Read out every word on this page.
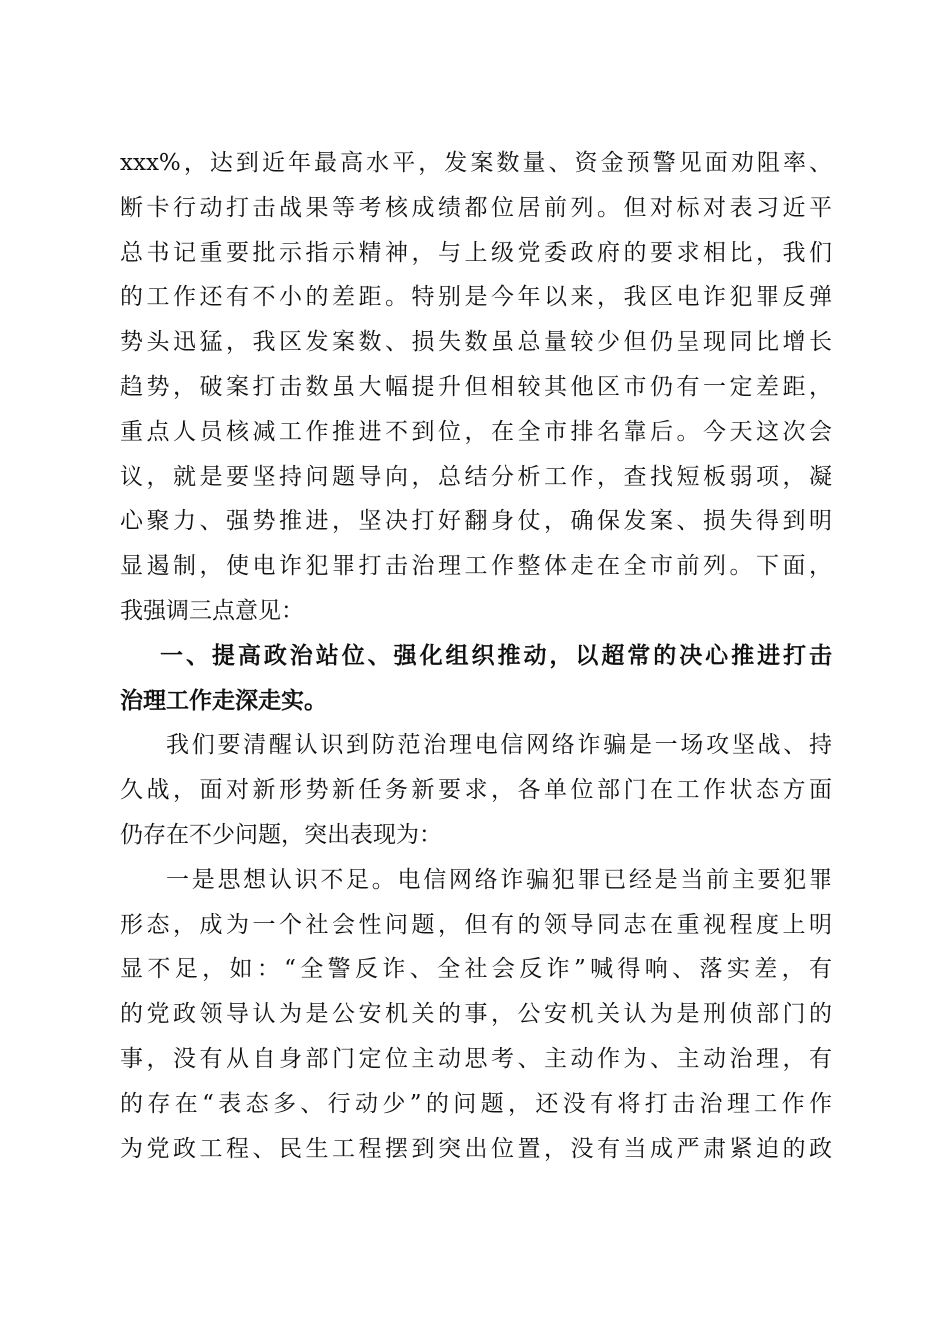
xxx%，达到近年最高水平，发案数量、资金预警见面劝阻率、
断卡行动打击战果等考核成绩都位居前列。但对标对表习近平
总书记重要批示指示精神，与上级党委政府的要求相比，我们
的工作还有不小的差距。特别是今年以来，我区电诈犯罪反弹
势头迅猛，我区发案数、损失数虽总量较少但仍呈现同比增长
趋势，破案打击数虽大幅提升但相较其他区市仍有一定差距，
重点人员核减工作推进不到位，在全市排名靠后。今天这次会
议，就是要坚持问题导向，总结分析工作，查找短板弱项，凝
心聚力、强势推进，坚决打好翻身仗，确保发案、损失得到明
显遏制，使电诈犯罪打击治理工作整体走在全市前列。下面，
我强调三点意见：
一、提高政治站位、强化组织推动，以超常的决心推进打击
治理工作走深走实。
我们要清醒认识到防范治理电信网络诈骗是一场攻坚战、持
久战，面对新形势新任务新要求，各单位部门在工作状态方面
仍存在不少问题，突出表现为：
一是思想认识不足。电信网络诈骗犯罪已经是当前主要犯罪
形态，成为一个社会性问题，但有的领导同志在重视程度上明
显不足，如：“全警反诈、全社会反诈”喊得响、落实差，有
的党政领导认为是公安机关的事，公安机关认为是刑侦部门的
事，没有从自身部门定位主动思考、主动作为、主动治理，有
的存在“表态多、行动少”的问题，还没有将打击治理工作作
为党政工程、民生工程摆到突出位置，没有当成严肃紧迫的政
